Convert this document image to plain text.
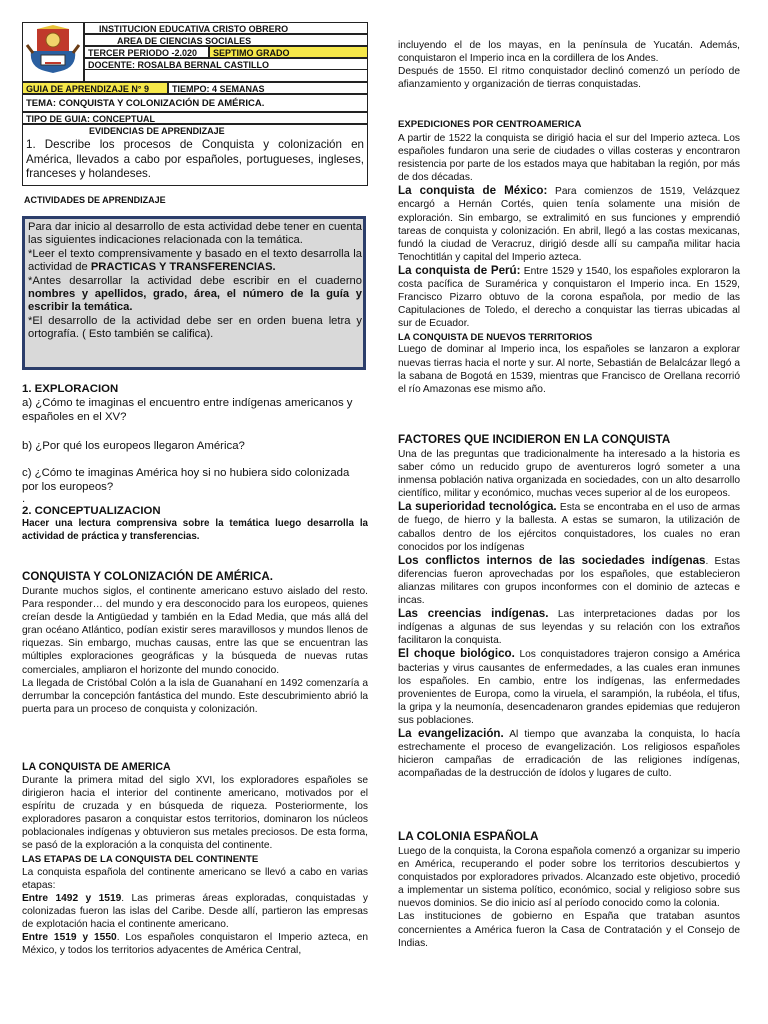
INSTITUCION EDUCATIVA CRISTO OBRERO
AREA DE CIENCIAS SOCIALES
TERCER PERIODO -2.020	SEPTIMO GRADO
DOCENTE: ROSALBA BERNAL CASTILLO
GUIA DE APRENDIZAJE N° 9	TIEMPO: 4 SEMANAS
TEMA: CONQUISTA Y COLONIZACIÓN DE AMÉRICA.
TIPO DE GUIA: CONCEPTUAL
EVIDENCIAS DE APRENDIZAJE
1. Describe los procesos de Conquista y colonización en América, llevados a cabo por españoles, portugueses, ingleses, franceses y holandeses.
ACTIVIDADES DE APRENDIZAJE

Para dar inicio al desarrollo de esta actividad debe tener en cuenta las siguientes indicaciones relacionada con la temática.

*Leer el texto comprensivamente y basado en el texto desarrolla la actividad de PRACTICAS Y TRANSFERENCIAS.

*Antes desarrollar la actividad debe escribir en el cuaderno nombres y apellidos, grado, área, el número de la guía y escribir la temática.

*El desarrollo de la actividad debe ser en orden buena letra y ortografía. ( Esto también se califica).

1. EXPLORACION

a) ¿Cómo te imaginas el encuentro entre indígenas americanos y españoles en el XV?

b) ¿Por qué los europeos llegaron América?

c) ¿Cómo te imaginas América hoy si no hubiera sido colonizada por los europeos?

.

2. CONCEPTUALIZACION

Hacer una lectura comprensiva sobre la temática luego desarrolla la actividad de práctica y transferencias.

CONQUISTA Y COLONIZACIÓN DE AMÉRICA.

Durante muchos siglos, el continente americano estuvo aislado del resto. Para responder… del mundo y era desconocido para los europeos, quienes creían desde la Antigüedad y también en la Edad Media, que más allá del gran océano Atlántico, podían existir seres maravillosos y mundos llenos de riquezas. Sin embargo, muchas causas, entre las que se encuentran las múltiples exploraciones geográficas y la búsqueda de nuevas rutas comerciales, ampliaron el horizonte del mundo conocido.

La llegada de Cristóbal Colón a la isla de Guanahaní en 1492 comenzaría a derrumbar la concepción fantástica del mundo. Este descubrimiento abrió la puerta para un proceso de conquista y colonización.

LA CONQUISTA DE AMERICA

Durante la primera mitad del siglo XVI, los exploradores españoles se dirigieron hacia el interior del continente americano, motivados por el espíritu de cruzada y en búsqueda de riqueza. Posteriormente, los exploradores pasaron a conquistar estos territorios, dominaron los núcleos poblacionales indígenas y obtuvieron sus metales preciosos. De esta forma, se pasó de la exploración a la conquista del continente.

LAS ETAPAS DE LA CONQUISTA DEL CONTINENTE

La conquista española del continente americano se llevó a cabo en varias etapas:

Entre 1492 y 1519. Las primeras áreas exploradas, conquistadas y colonizadas fueron las islas del Caribe. Desde allí, partieron las empresas de explotación hacia el continente americano.

Entre 1519 y 1550. Los españoles conquistaron el Imperio azteca, en México, y todos los territorios adyacentes de América Central,

incluyendo el de los mayas, en la península de Yucatán. Además, conquistaron el Imperio inca en la cordillera de los Andes.

Después de 1550. El ritmo conquistador declinó comenzó un período de afianzamiento y organización de tierras conquistadas.

EXPEDICIONES POR CENTROAMERICA

A partir de 1522 la conquista se dirigió hacia el sur del Imperio azteca. Los españoles fundaron una serie de ciudades o villas costeras y encontraron resistencia por parte de los estados maya que habitaban la región, por más de dos décadas.

La conquista de México: Para comienzos de 1519, Velázquez encargó a Hernán Cortés, quien tenía solamente una misión de exploración. Sin embargo, se extralimitó en sus funciones y emprendió tareas de conquista y colonización. En abril, llegó a las costas mexicanas, fundó la ciudad de Veracruz, dirigió desde allí su campaña militar hacia Tenochtitlán y capital del Imperio azteca.

La conquista de Perú: Entre 1529 y 1540, los españoles exploraron la costa pacífica de Suramérica y conquistaron el Imperio inca. En 1529, Francisco Pizarro obtuvo de la corona española, por medio de las Capitulaciones de Toledo, el derecho a conquistar las tierras ubicadas al sur de Ecuador.

LA CONQUISTA DE NUEVOS TERRITORIOS

Luego de dominar al Imperio inca, los españoles se lanzaron a explorar nuevas tierras hacia el norte y sur. Al norte, Sebastián de Belalcázar llegó a la sabana de Bogotá en 1539, mientras que Francisco de Orellana recorrió el río Amazonas ese mismo año.

FACTORES QUE INCIDIERON EN LA CONQUISTA

Una de las preguntas que tradicionalmente ha interesado a la historia es saber cómo un reducido grupo de aventureros logró someter a una inmensa población nativa organizada en sociedades, con un alto desarrollo científico, militar y económico, muchas veces superior al de los europeos.

La superioridad tecnológica. Esta se encontraba en el uso de armas de fuego, de hierro y la ballesta. A estas se sumaron, la utilización de caballos dentro de los ejércitos conquistadores, los cuales no eran conocidos por los indígenas

Los conflictos internos de las sociedades indígenas. Estas diferencias fueron aprovechadas por los españoles, que establecieron alianzas militares con grupos inconformes con el dominio de aztecas e incas.

Las creencias indígenas. Las interpretaciones dadas por los indígenas a algunas de sus leyendas y su relación con los extraños facilitaron la conquista.

El choque biológico. Los conquistadores trajeron consigo a América bacterias y virus causantes de enfermedades, a las cuales eran inmunes los españoles. En cambio, entre los indígenas, las enfermedades provenientes de Europa, como la viruela, el sarampión, la rubéola, el tifus, la gripa y la neumonía, desencadenaron grandes epidemias que redujeron sus poblaciones.

La evangelización. Al tiempo que avanzaba la conquista, lo hacía estrechamente el proceso de evangelización. Los religiosos españoles hicieron campañas de erradicación de las religiones indígenas, acompañadas de la destrucción de ídolos y lugares de culto.

LA COLONIA ESPAÑOLA

Luego de la conquista, la Corona española comenzó a organizar su imperio en América, recuperando el poder sobre los territorios descubiertos y conquistados por exploradores privados. Alcanzado este objetivo, procedió a implementar un sistema político, económico, social y religioso sobre sus nuevos dominios. Se dio inicio así al período conocido como la colonia.

Las instituciones de gobierno en España que trataban asuntos concernientes a América fueron la Casa de Contratación y el Consejo de Indias.
